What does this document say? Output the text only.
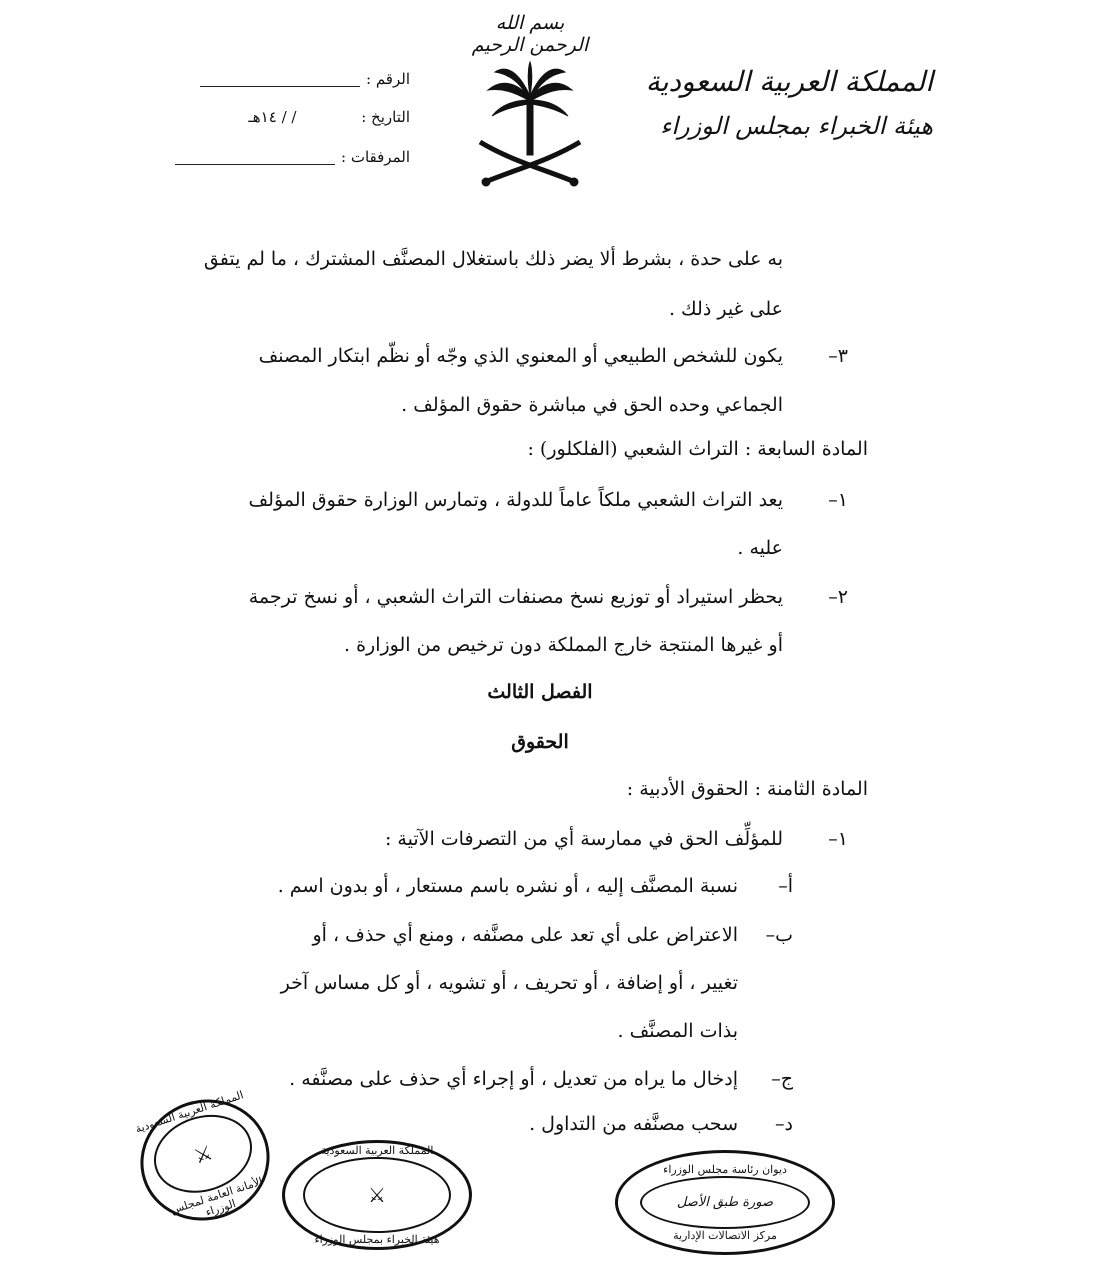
بسم الله الرحمن الرحيم
المملكة العربية السعودية
هيئة الخبراء بمجلس الوزراء
الرقم :
التاريخ : / / ١٤هـ
المرفقات :
به على حدة ، بشرط ألا يضر ذلك باستغلال المصنَّف المشترك ، ما لم يتفق
على غير ذلك .
٣–
يكون للشخص الطبيعي أو المعنوي الذي وجّه أو نظّم ابتكار المصنف
الجماعي وحده الحق في مباشرة حقوق المؤلف .
المادة السابعة : التراث الشعبي (الفلكلور) :
١–
يعد التراث الشعبي ملكاً عاماً للدولة ، وتمارس الوزارة حقوق المؤلف
عليه .
٢–
يحظر استيراد أو توزيع نسخ مصنفات التراث الشعبي ، أو نسخ ترجمة
أو غيرها المنتجة خارج المملكة دون ترخيص من الوزارة .
الفصل الثالث
الحقوق
المادة الثامنة : الحقوق الأدبية :
١–
للمؤلِّف الحق في ممارسة أي من التصرفات الآتية :
أ–
نسبة المصنَّف إليه ، أو نشره باسم مستعار ، أو بدون اسم .
ب–
الاعتراض على أي تعد على مصنَّفه ، ومنع أي حذف ، أو
تغيير ، أو إضافة ، أو تحريف ، أو تشويه ، أو كل مساس آخر
بذات المصنَّف .
ج–
إدخال ما يراه من تعديل ، أو إجراء أي حذف على مصنَّفه .
د–
سحب مصنَّفه من التداول .
المملكة العربية السعودية
⚔
الأمانة العامة لمجلس الوزراء
المملكة العربية السعودية
⚔
هيئة الخبراء بمجلس الوزراء
ديوان رئاسة مجلس الوزراء
صورة طبق الأصل
مركز الاتصالات الإدارية
